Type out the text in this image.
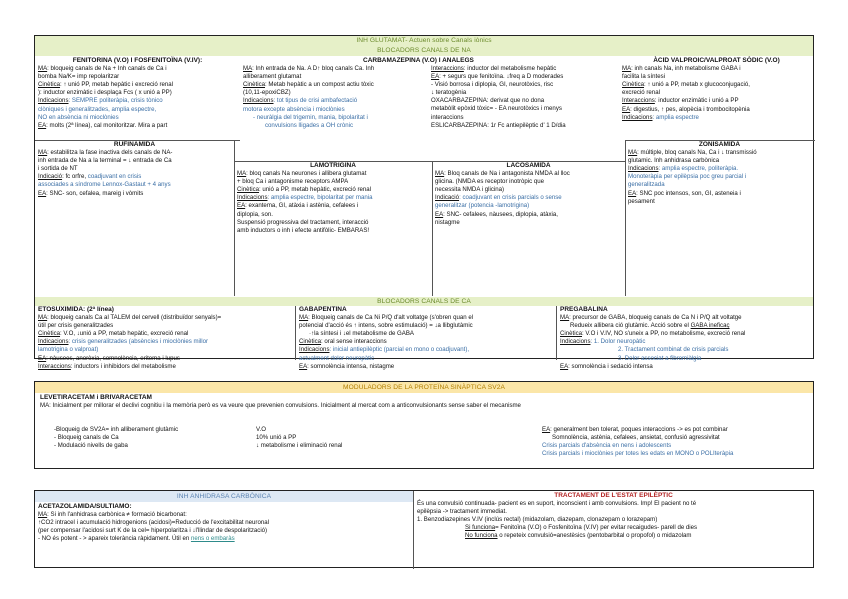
INH GLUTAMAT- Actuen sobre Canals iònics
BLOCADORS CANALS DE NA
FENITORINA (V.O) I FOSFENITOÏNA (V.IV):
MA: bloqueig canals de Na + Inh canals de Ca i
bomba Na/K= imp repolaritzar
Cinètica: ↑ unió PP, metab hepàtic i excreció renal
): inductor enzimàtic i desplaça Fcs ( x unió a PP)
Indicacions: SEMPRE politeràpia, crisis tònico
clòniques i generalitzades, amplia espectre,
NO en absència ni mioclònies
EA: molts (2ª línea), cal monitoritzar. Mira a part
CARBAMAZEPINA (V.O) I ANALEGS
MA: Inh entrada de Na. A D↑ bloq canals Ca. Inh
alliberament glutamat
Cinètica: Metab hepàtic a un compost actiu tòxic
(10,11-epoxiCBZ)
Indicacions: tot tipus de crisi ambafectació
motora excepte absència i mioclònies
- neuràlgia del trigemin, mania, bipolaritat i
convulsions lligades a OH crònic
Interaccions: inductor del metabolisme hepàtic
EA: + segurs que fenitoïna. ↓freq a D moderades
- Visió borrosa i diplopia, GI, neurotòxics, risc
↓ teratogènia
OXACARBAZEPINA: derivat que no dona
metabòlit epòxid tòxic= - EA neurotòxics i menys
interaccions
ESLICARBAZEPINA: 1r Fc antiepilèptic d' 1 D/dia
ÀCID VALPROIC/VALPROAT SÒDIC (V.O)
MA: inh canals Na, inh metabolisme GABA i
facilita la síntesi
Cinètica: ↑ unió a PP, metab x glucoconjugació,
excreció renal
Interaccions: inductor enzimàtic i unió a PP
EA: digestius, ↑ pes, alopècia i trombocitopènia
Indicacions: amplia espectre
RUFINAMIDA
MA: estabilitza la fase inactiva dels canals de NA-
inh entrada de Na a la terminal = ↓ entrada de Ca
i sortida de NT
Indicació: fc orfre, coadjuvant en crisis
associades a síndrome Lennox-Gastaut + 4 anys
EA: SNC- son, cefalea, mareig i vòmits
LAMOTRIGINA
MA: bloq canals Na neurones i allibera glutamat
+ bloq Ca i antagonisme receptors AMPA
Cinètica: unió a PP, metab hepàtic, excreció renal
Indicacions: amplia espectre, bipolaritat per mania
EA: exantema, GI, atàxia i astènia, cefalees i
diplopia, son.
Suspensió progressiva del tractament, interacció
amb inductors o inh i efecte antifòlic- EMBARAS!
LACOSAMIDA
MA: Bloq canals de Na i antagonista NMDA al lloc
glicina. (NMDA es receptor inotròpic que
necessita NMDA i glicina)
Indicació: coadjuvant en crisis parcials o sense
generalitzar (potencia -lamotrigina)
EA: SNC- cefalees, nàusees, diplopia, atàxia,
nistagme
ZONISAMIDA
MA: múltiple, bloq canals Na, Ca i ↓ transmissió
glutamic. Inh anhidrasa carbònica
Indicacions: amplia espectre, politeràpia.
Monoteràpia per epilèpsia poc greu parcial i
generalitzada
EA: SNC poc intensos, son, GI, asteneia i
pesament
BLOCADORS CANALS DE CA
ETOSUXIMIDA: (2ª línea)
MA: bloqueig canals Ca al TALEM del cervell (distribuïdor senyals)=
útil per crisis generalitzades
Cinètica: V.O, ↓unió a PP, metab hepàtic, excreció renal
Indicacions: crisis generalitzades (absències i mioclònies millor
lamotrigina o valproat)
EA: nàusees, anorèxia, somnolència, eritema i lupus
Interaccions: inductors i inhibidors del metabolisme
GABAPENTINA
MA: Bloqueig canals de Ca Ni P/Q d'alt voltatge (s'obren quan el
potencial d'acció és ↑ intens, sobre estimulació) = ↓a llibglutàmic
·↑la síntesi i ↓el metabolisme de GABA
Cinètica: oral sense interaccions
Indicacions: inicial antiepilèptic (parcial en mono o coadjuvant),
actualment dolor neuropàtic
EA: somnolència intensa, nistagme
PREGABALINA
MA: precursor de GABA, bloqueig canals de Ca N i P/Q alt voltatge
Redueix allibera ció glutàmic. Acció sobre el GABA ineficaç
Cinètica: V.O i V.IV, NO s'uneix a PP, no metabolisme, excreció renal
Indicacions: 1. Dolor neuropàtic
2. Tractament combinat de crisis parcials
3. Dolor associat a fibromiàlgia
EA: somnolència i sedació intensa
MODULADORS DE LA PROTEÏNA SINÀPTICA SV2A
LEVETIRACETAM i BRIVARACETAM
MA: Inicialment per millorar el declivi cognitiu i la memòria però es va veure que prevenien convulsions. Inicialment al mercat com a anticonvulsionants sense saber el mecanisme
-Bloqueig de SV2A= inh alliberament glutàmic
- Bloqueig canals de Ca
- Modulació nivells de gaba
V.O
10% unió a PP
↓ metabolisme i eliminació renal
EA: generalment ben tolerat, poques interaccions -> es pot combinar
Somnolència, astènia, cefalees, ansietat, confusió agressivitat
Crisis parcials d'absència en nens i adolescents
Crisis parcials i mioclònies per totes les edats en MONO o POLIteràpia
INH ANHIDRASA CARBÒNICA
ACETAZOLAMIDA/SULTIAMO:
MA: Si inh l'anhidrasa carbònica ≠ formació bicarbonat:
↑CO2 intracel i acumulació hidrogenions (acidosi)=Reducció de l'excitabilitat neuronal
(per compensar l'acidosi surt K de la cel= hiperpolaritza i ↓l'llindar de despolarització)
- NO és potent - > apareix tolerància ràpidament. Útil en nens o embaràs
TRACTAMENT DE L'ESTAT EPILÈPTIC
És una convulsió continuada- pacient es en suport, inconscient i amb convulsions. Imp! El pacient no té
epilèpsia -> tractament immediat.
1. Benzodiazepines V.IV (inclús rectal) (midazolam, diazepam, clonazepam o lorazepam)
Si funciona= Fenitoïna (V.O) o Fosfenitoïna (V.IV) per evitar recaigudes- parell de dies
No funciona o repeteix convulsió=anestèsics (pentobarbital o propofol) o midazolam
